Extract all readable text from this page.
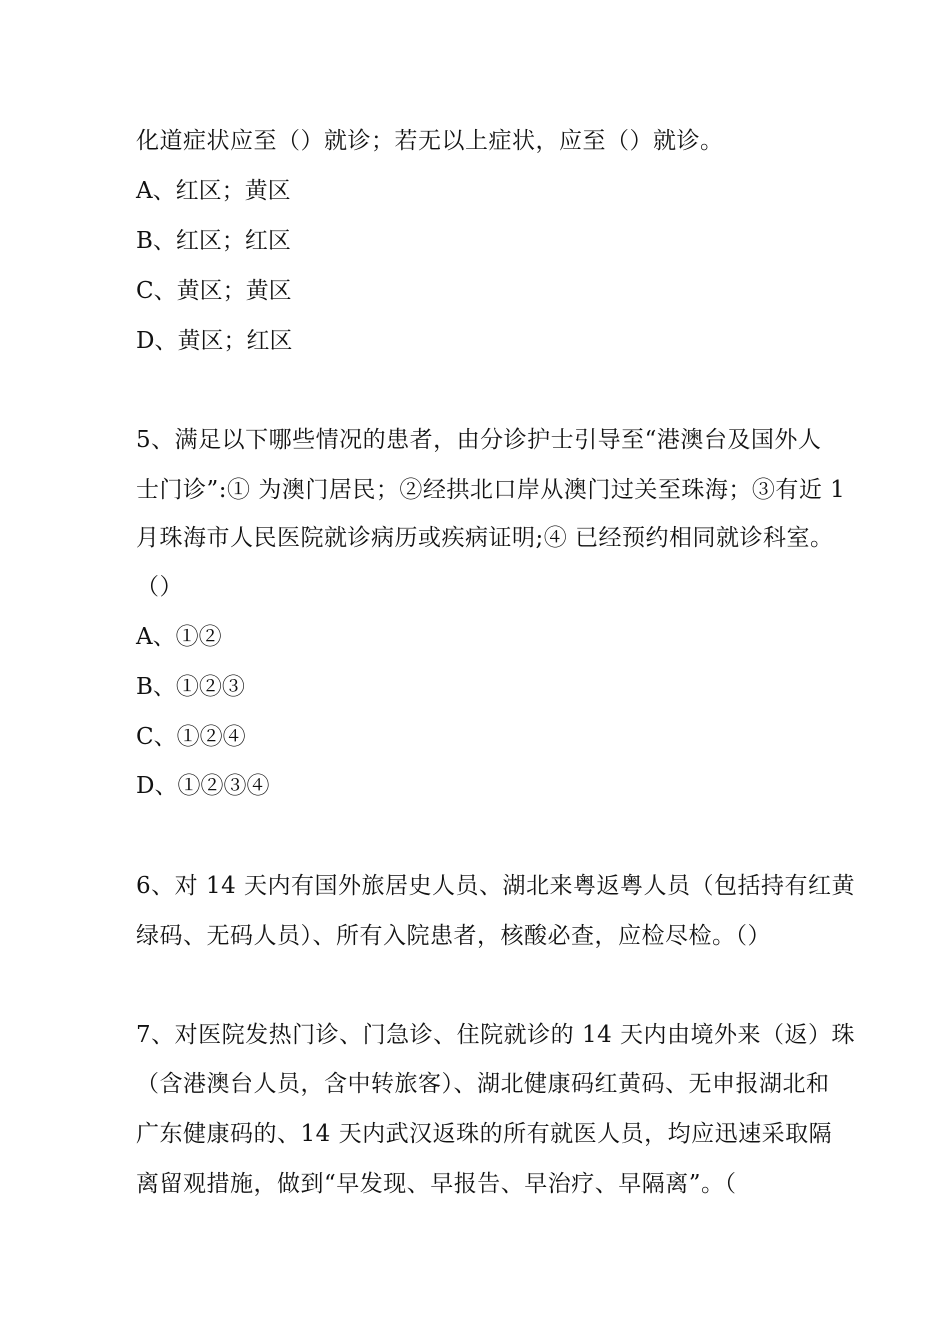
化道症状应至（）就诊；若无以上症状，应至（）就诊。

A、红区；黄区

B、红区；红区

C、黄区；黄区

D、黄区；红区

5、满足以下哪些情况的患者，由分诊护士引导至“港澳台及国外人

士门诊”:① 为澳门居民；②经拱北口岸从澳门过关至珠海；③有近 1

月珠海市人民医院就诊病历或疾病证明;④ 已经预约相同就诊科室。

（）

A、①②

B、①②③

C、①②④

D、①②③④

6、对 14 天内有国外旅居史人员、湖北来粤返粤人员（包括持有红黄

绿码、无码人员）、所有入院患者，核酸必查，应检尽检。（）

7、对医院发热门诊、门急诊、住院就诊的 14 天内由境外来（返）珠

（含港澳台人员，含中转旅客）、湖北健康码红黄码、无申报湖北和

广东健康码的、14 天内武汉返珠的所有就医人员，均应迅速采取隔

离留观措施，做到“早发现、早报告、早治疗、早隔离”。（
